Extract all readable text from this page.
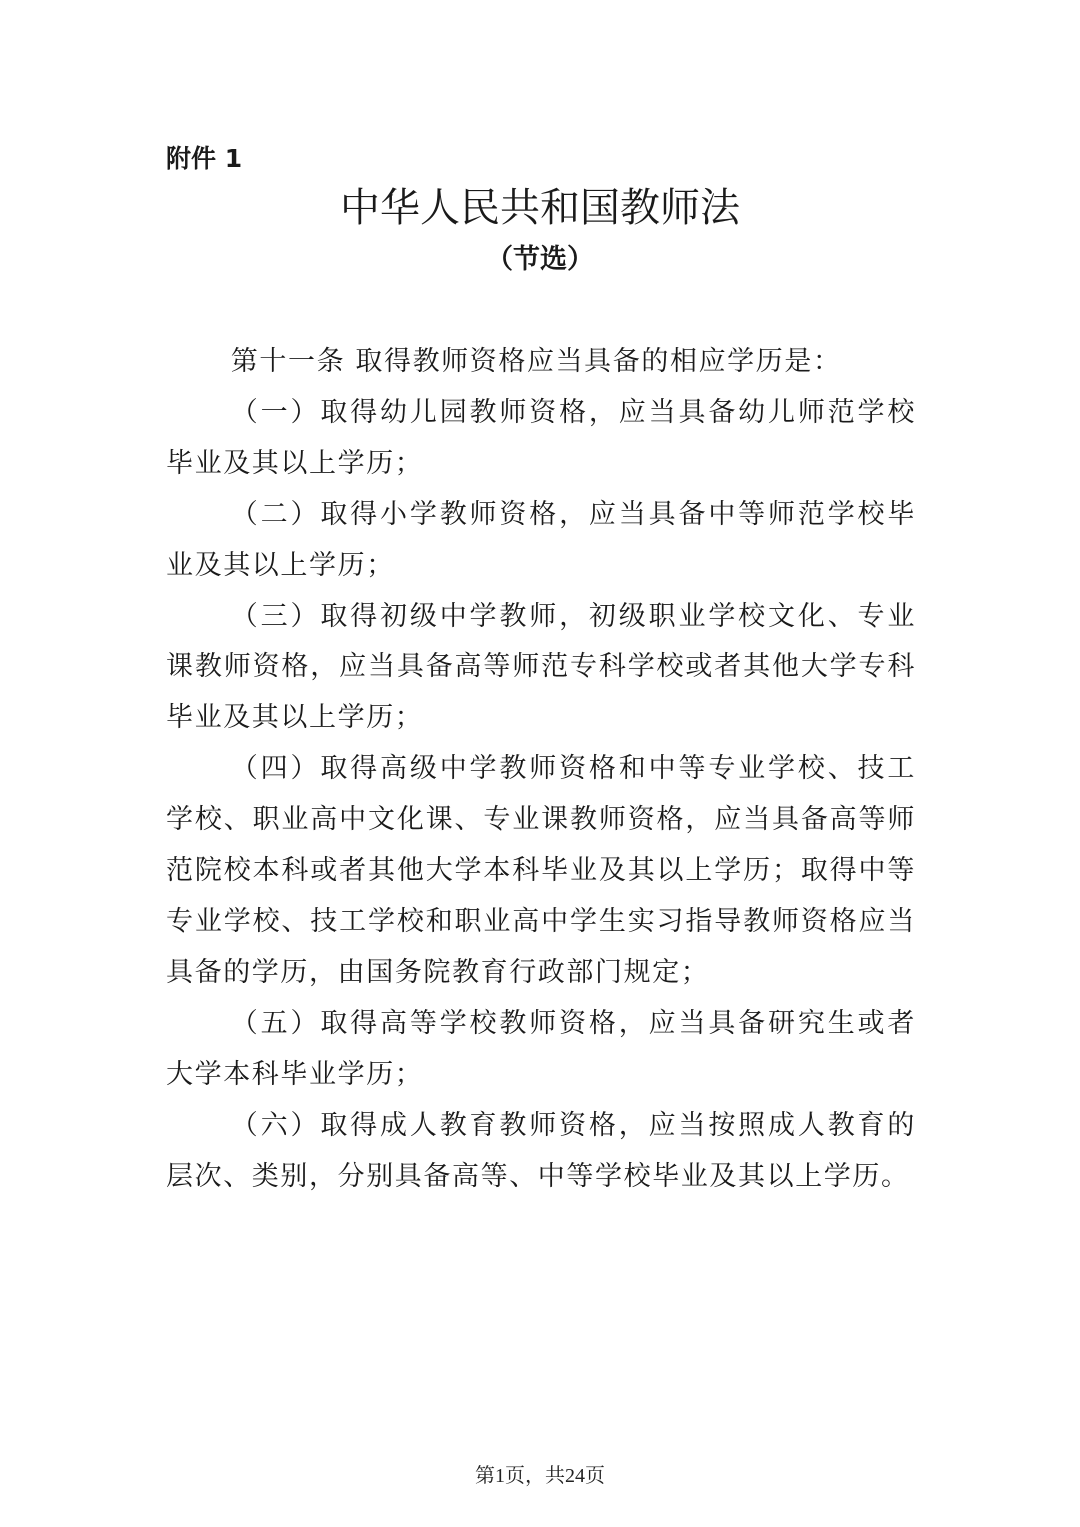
附件 1
中华人民共和国教师法
（节选）

第十一条 取得教师资格应当具备的相应学历是：

（一）取得幼儿园教师资格，应当具备幼儿师范学校毕业及其以上学历；

（二）取得小学教师资格，应当具备中等师范学校毕业及其以上学历；

（三）取得初级中学教师，初级职业学校文化、专业课教师资格，应当具备高等师范专科学校或者其他大学专科毕业及其以上学历；

（四）取得高级中学教师资格和中等专业学校、技工学校、职业高中文化课、专业课教师资格，应当具备高等师范院校本科或者其他大学本科毕业及其以上学历；取得中等专业学校、技工学校和职业高中学生实习指导教师资格应当具备的学历，由国务院教育行政部门规定；

（五）取得高等学校教师资格，应当具备研究生或者大学本科毕业学历；

（六）取得成人教育教师资格，应当按照成人教育的层次、类别，分别具备高等、中等学校毕业及其以上学历。

第1页，共24页
